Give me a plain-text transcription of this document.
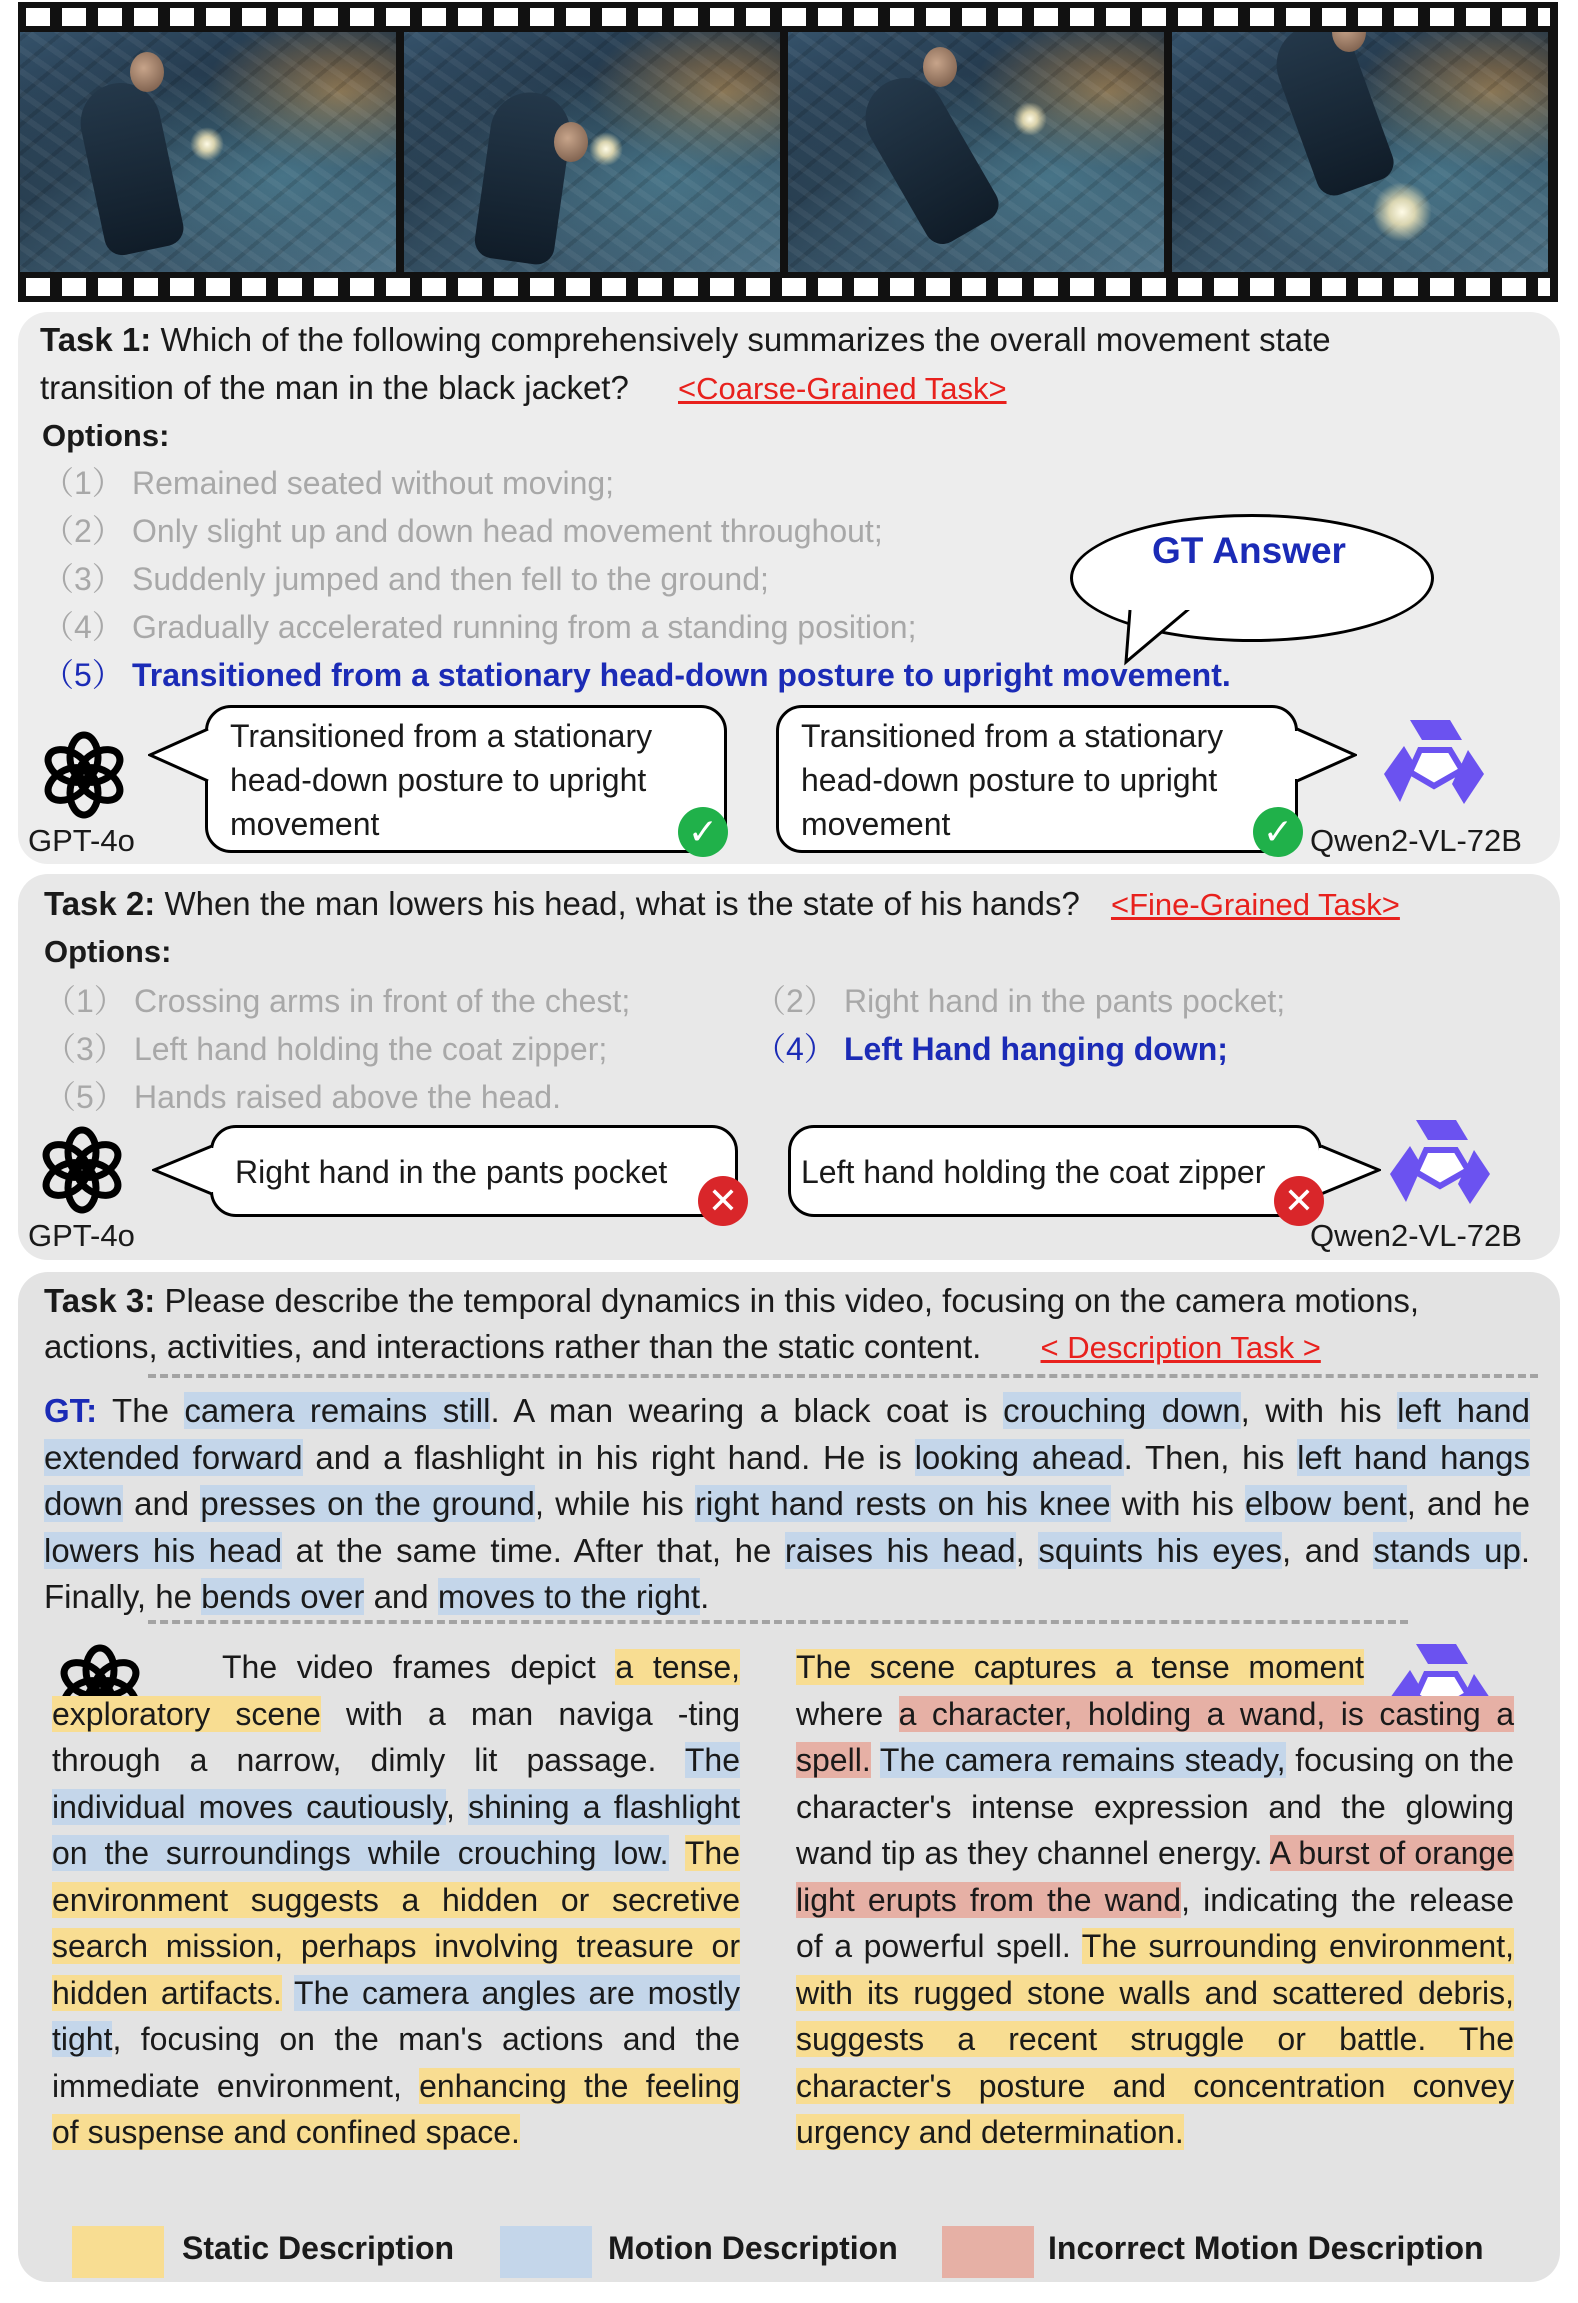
Task 1: Which of the following comprehensively summarizes the overall movement state
transition of the man in the black jacket? <Coarse-Grained Task>
Options:
（1） Remained seated without moving;
（2） Only slight up and down head movement throughout;
（3） Suddenly jumped and then fell to the ground;
（4） Gradually accelerated running from a standing position;
（5） Transitioned from a stationary head-down posture to upright movement.
GT Answer
GPT-4o
Transitioned from a stationary
head-down posture to upright
movement	✓
Transitioned from a stationary
head-down posture to upright
movement	✓ Qwen2-VL-72B
Task 2: When the man lowers his head, what is the state of his hands? <Fine-Grained Task>
Options:
（1） Crossing arms in front of the chest;	（2） Right hand in the pants pocket;
（3） Left hand holding the coat zipper;	（4） Left Hand hanging down;
（5） Hands raised above the head.
GPT-4o
Right hand in the pants pocket
✕
Left hand holding the coat zipper
✕
Qwen2-VL-72B
Task 3: Please describe the temporal dynamics in this video, focusing on the camera motions,
actions, activities, and interactions rather than the static content. < Description Task >
GT: The camera remains still. A man wearing a black coat is crouching down, with his left hand extended forward and a flashlight in his right hand. He is looking ahead. Then, his left hand hangs down and presses on the ground, while his right hand rests on his knee with his elbow bent, and he lowers his head at the same time. After that, he raises his head, squints his eyes, and stands up. Finally, he bends over and moves to the right.
The video frames depict a tense, exploratory scene with a man naviga -ting through a narrow, dimly lit passage. The individual moves cautiously, shining a flashlight on the surroundings while crouching low. The environment suggests a hidden or secretive search mission, perhaps involving treasure or hidden artifacts. The camera angles are mostly tight, focusing on the man's actions and the immediate environment, enhancing the feeling of suspense and confined space.
The scene captures a tense moment where a character, holding a wand, is casting a spell. The camera remains steady, focusing on the character's intense expression and the glowing wand tip as they channel energy. A burst of orange light erupts from the wand, indicating the release of a powerful spell. The surrounding environment, with its rugged stone walls and scattered debris, suggests a recent struggle or battle. The character's posture and concentration convey urgency and determination.
Static Description	Motion Description	Incorrect Motion Description
